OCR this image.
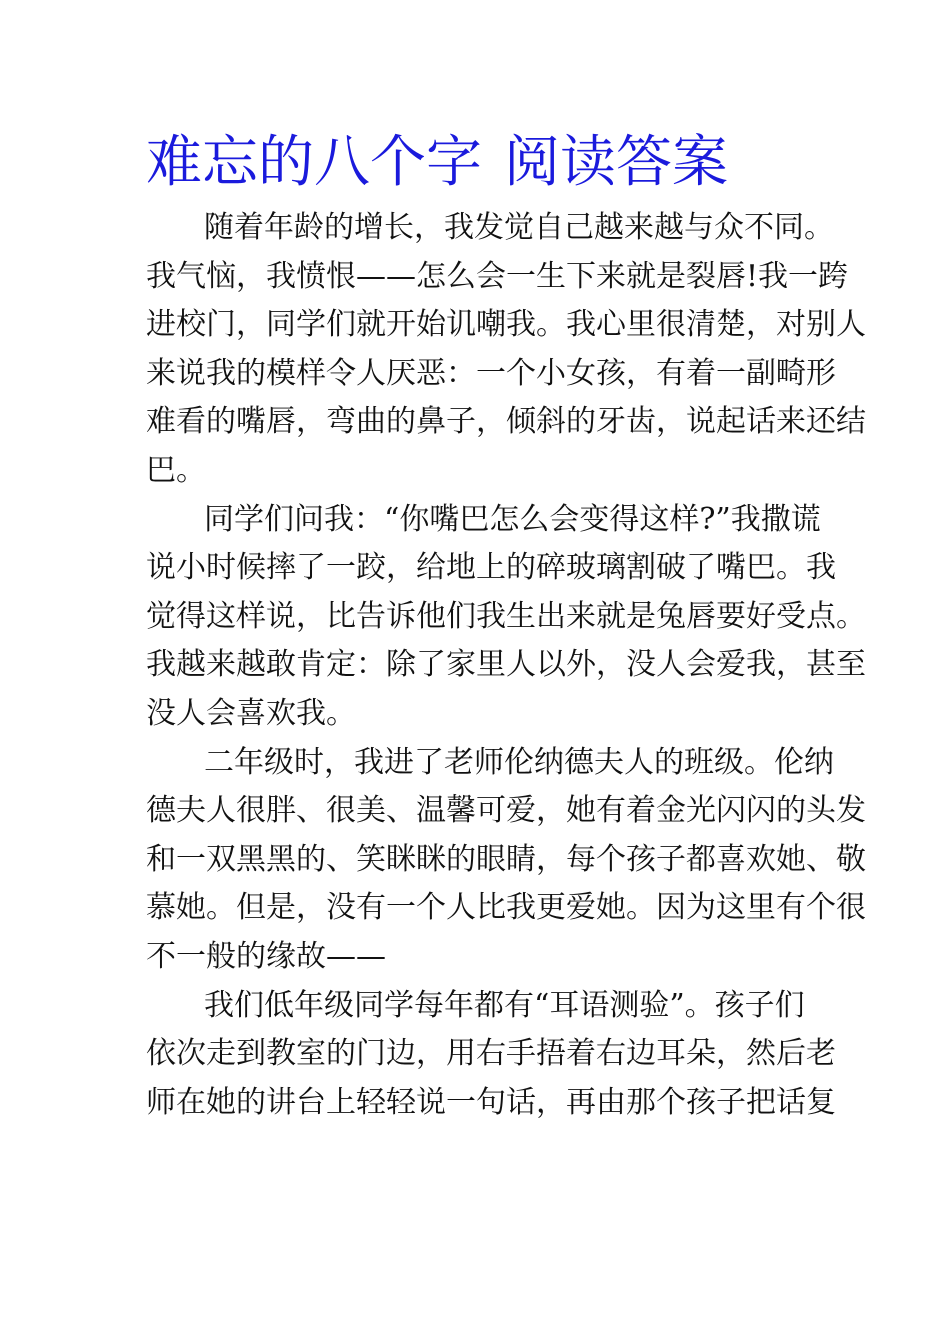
难忘的八个字 阅读答案

随着年龄的增长，我发觉自己越来越与众不同。
我气恼，我愤恨——怎么会一生下来就是裂唇!我一跨
进校门，同学们就开始讥嘲我。我心里很清楚，对别人
来说我的模样令人厌恶：一个小女孩，有着一副畸形
难看的嘴唇，弯曲的鼻子，倾斜的牙齿，说起话来还结
巴。

同学们问我：“你嘴巴怎么会变得这样?”我撒谎
说小时候摔了一跤，给地上的碎玻璃割破了嘴巴。我
觉得这样说，比告诉他们我生出来就是兔唇要好受点。
我越来越敢肯定：除了家里人以外，没人会爱我，甚至
没人会喜欢我。

二年级时，我进了老师伦纳德夫人的班级。伦纳
德夫人很胖、很美、温馨可爱，她有着金光闪闪的头发
和一双黑黑的、笑眯眯的眼睛，每个孩子都喜欢她、敬
慕她。但是，没有一个人比我更爱她。因为这里有个很
不一般的缘故——

我们低年级同学每年都有“耳语测验”。孩子们
依次走到教室的门边，用右手捂着右边耳朵，然后老
师在她的讲台上轻轻说一句话，再由那个孩子把话复
